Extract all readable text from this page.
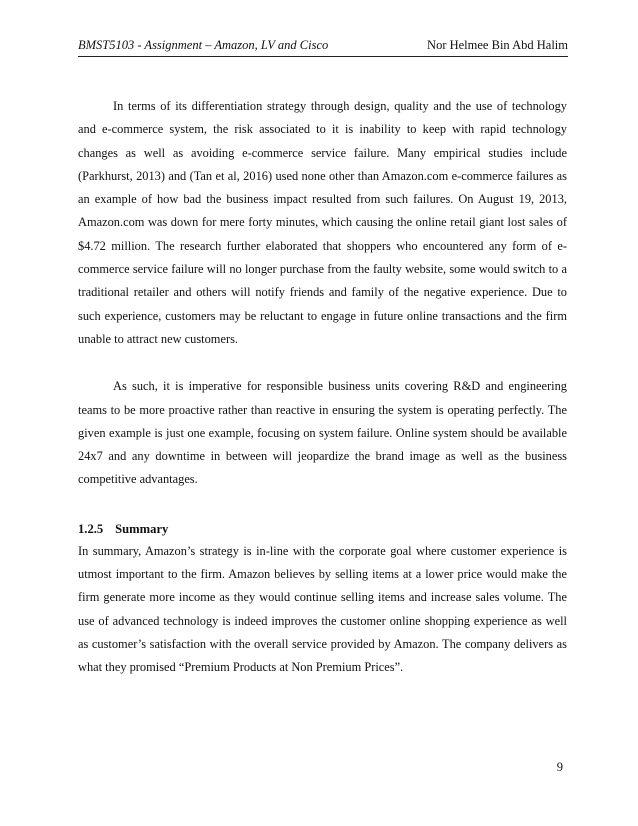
BMST5103 - Assignment – Amazon, LV and Cisco	Nor Helmee Bin Abd Halim

In terms of its differentiation strategy through design, quality and the use of technology and e-commerce system, the risk associated to it is inability to keep with rapid technology changes as well as avoiding e-commerce service failure. Many empirical studies include (Parkhurst, 2013) and (Tan et al, 2016) used none other than Amazon.com e-commerce failures as an example of how bad the business impact resulted from such failures. On August 19, 2013, Amazon.com was down for mere forty minutes, which causing the online retail giant lost sales of $4.72 million. The research further elaborated that shoppers who encountered any form of e-commerce service failure will no longer purchase from the faulty website, some would switch to a traditional retailer and others will notify friends and family of the negative experience. Due to such experience, customers may be reluctant to engage in future online transactions and the firm unable to attract new customers.

As such, it is imperative for responsible business units covering R&D and engineering teams to be more proactive rather than reactive in ensuring the system is operating perfectly. The given example is just one example, focusing on system failure. Online system should be available 24x7 and any downtime in between will jeopardize the brand image as well as the business competitive advantages.

1.2.5 Summary

In summary, Amazon’s strategy is in-line with the corporate goal where customer experience is utmost important to the firm. Amazon believes by selling items at a lower price would make the firm generate more income as they would continue selling items and increase sales volume. The use of advanced technology is indeed improves the customer online shopping experience as well as customer’s satisfaction with the overall service provided by Amazon. The company delivers as what they promised “Premium Products at Non Premium Prices”.

9
